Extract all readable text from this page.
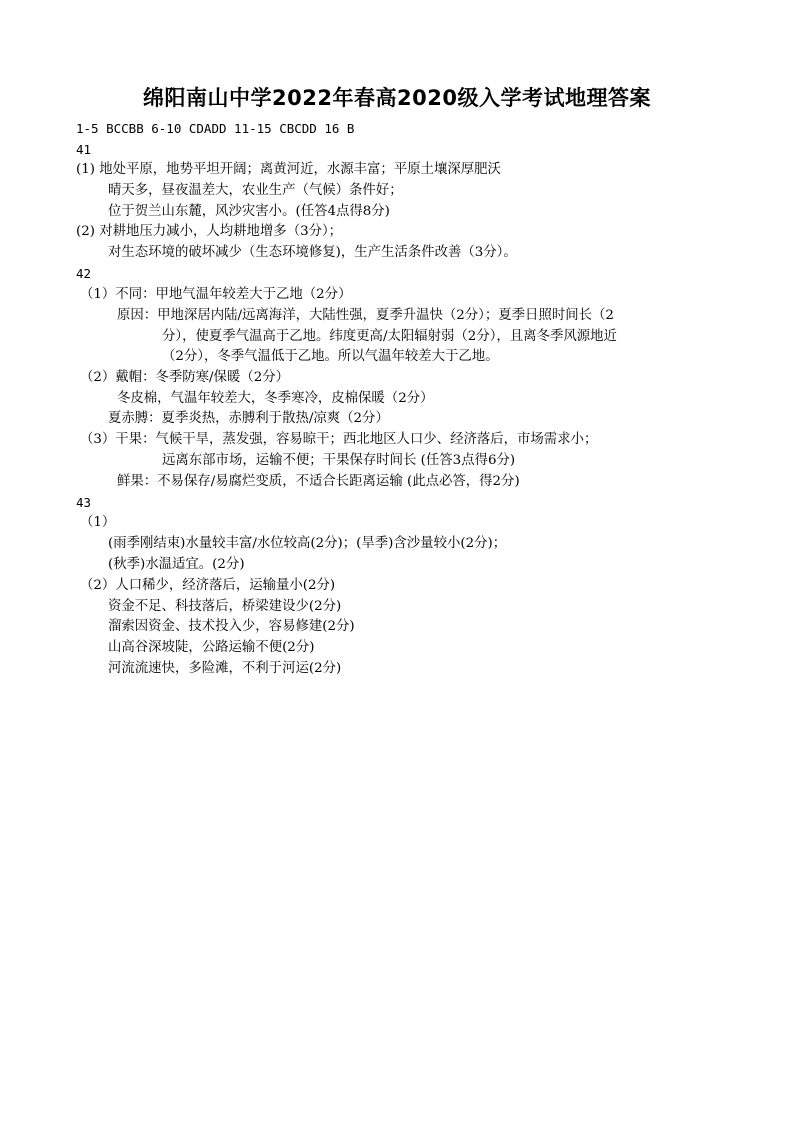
绵阳南山中学2022年春高2020级入学考试地理答案
1-5 BCCBB 6-10 CDADD 11-15 CBCDD 16 B
41
(1) 地处平原，地势平坦开阔；离黄河近，水源丰富；平原土壤深厚肥沃
晴天多，昼夜温差大，农业生产（气候）条件好；
位于贺兰山东麓，风沙灾害小。(任答4点得8分)
(2) 对耕地压力减小，人均耕地增多（3分）；
对生态环境的破坏减少（生态环境修复)，生产生活条件改善（3分）。
42
（1）不同：甲地气温年较差大于乙地（2分）
原因：甲地深居内陆/远离海洋，大陆性强，夏季升温快（2分）；夏季日照时间长（2
分），使夏季气温高于乙地。纬度更高/太阳辐射弱（2分），且离冬季风源地近
（2分），冬季气温低于乙地。所以气温年较差大于乙地。
（2）戴帽：冬季防寒/保暖（2分）
冬皮棉，气温年较差大，冬季寒冷，皮棉保暖（2分）
夏赤膊：夏季炎热，赤膊利于散热/凉爽（2分）
（3）干果：气候干旱，蒸发强，容易晾干；西北地区人口少、经济落后，市场需求小；
远离东部市场，运输不便；干果保存时间长 (任答3点得6分)
鲜果：不易保存/易腐烂变质，不适合长距离运输 (此点必答，得2分)
43
（1）
(雨季刚结束)水量较丰富/水位较高(2分)；(旱季)含沙量较小(2分)；
(秋季)水温适宜。(2分)
（2）人口稀少，经济落后，运输量小(2分)
资金不足、科技落后，桥梁建设少(2分)
溜索因资金、技术投入少，容易修建(2分)
山高谷深坡陡，公路运输不便(2分)
河流流速快，多险滩，不利于河运(2分)
